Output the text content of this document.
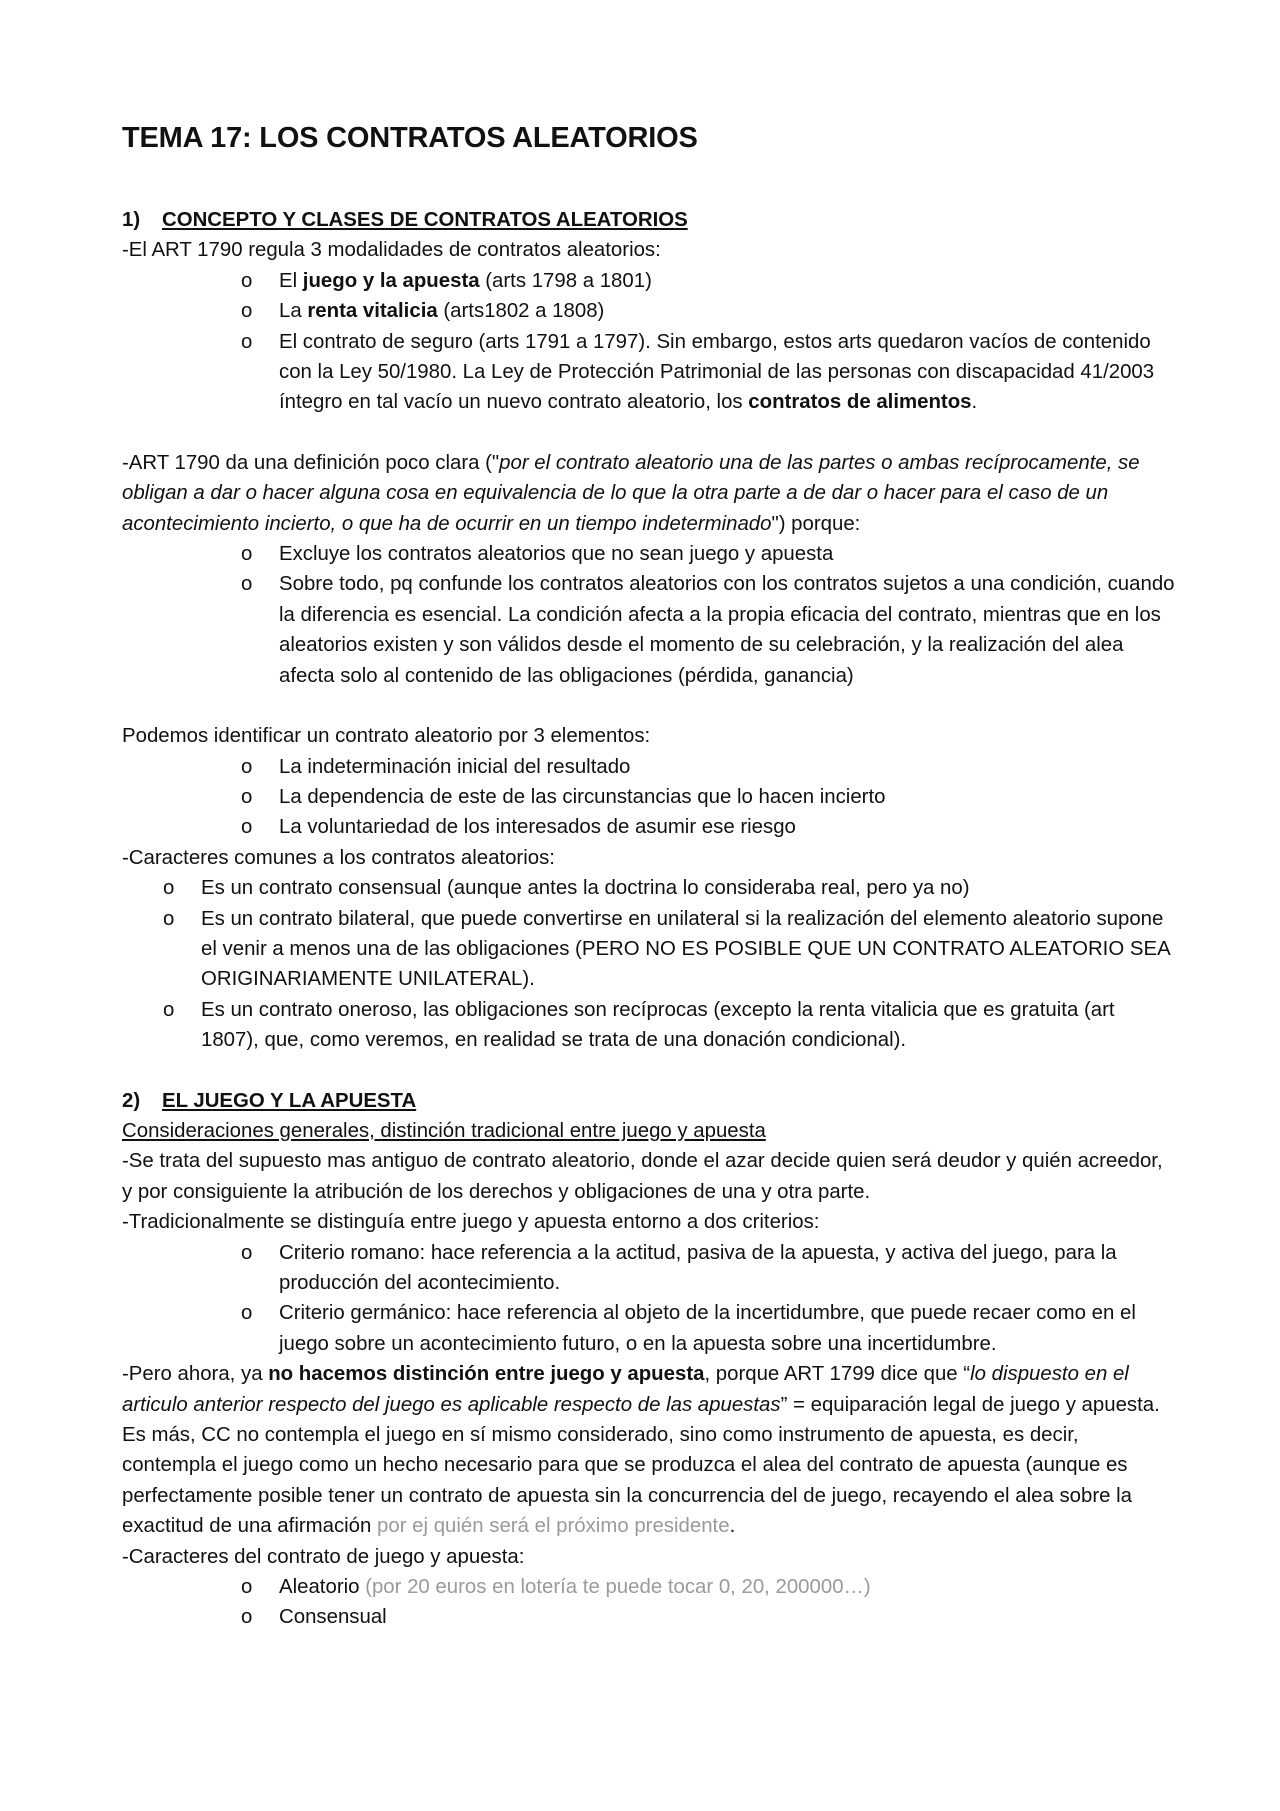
TEMA 17: LOS CONTRATOS ALEATORIOS

1) CONCEPTO Y CLASES DE CONTRATOS ALEATORIOS

-El ART 1790 regula 3 modalidades de contratos aleatorios:

o El juego y la apuesta (arts 1798 a 1801)
o La renta vitalicia (arts1802 a 1808)
o El contrato de seguro (arts 1791 a 1797). Sin embargo, estos arts quedaron vacíos de contenido con la Ley 50/1980. La Ley de Protección Patrimonial de las personas con discapacidad 41/2003 íntegro en tal vacío un nuevo contrato aleatorio, los contratos de alimentos.

-ART 1790 da una definición poco clara ("por el contrato aleatorio una de las partes o ambas recíprocamente, se obligan a dar o hacer alguna cosa en equivalencia de lo que la otra parte a de dar o hacer para el caso de un acontecimiento incierto, o que ha de ocurrir en un tiempo indeterminado") porque:

o Excluye los contratos aleatorios que no sean juego y apuesta
o Sobre todo, pq confunde los contratos aleatorios con los contratos sujetos a una condición, cuando la diferencia es esencial. La condición afecta a la propia eficacia del contrato, mientras que en los aleatorios existen y son válidos desde el momento de su celebración, y la realización del alea afecta solo al contenido de las obligaciones (pérdida, ganancia)

Podemos identificar un contrato aleatorio por 3 elementos:

o La indeterminación inicial del resultado
o La dependencia de este de las circunstancias que lo hacen incierto
o La voluntariedad de los interesados de asumir ese riesgo

-Caracteres comunes a los contratos aleatorios:

o Es un contrato consensual (aunque antes la doctrina lo consideraba real, pero ya no)
o Es un contrato bilateral, que puede convertirse en unilateral si la realización del elemento aleatorio supone el venir a menos una de las obligaciones (PERO NO ES POSIBLE QUE UN CONTRATO ALEATORIO SEA ORIGINARIAMENTE UNILATERAL).
o Es un contrato oneroso, las obligaciones son recíprocas (excepto la renta vitalicia que es gratuita (art 1807), que, como veremos, en realidad se trata de una donación condicional).

2) EL JUEGO Y LA APUESTA

Consideraciones generales, distinción tradicional entre juego y apuesta

-Se trata del supuesto mas antiguo de contrato aleatorio, donde el azar decide quien será deudor y quién acreedor, y por consiguiente la atribución de los derechos y obligaciones de una y otra parte.

-Tradicionalmente se distinguía entre juego y apuesta entorno a dos criterios:

o Criterio romano: hace referencia a la actitud, pasiva de la apuesta, y activa del juego, para la producción del acontecimiento.
o Criterio germánico: hace referencia al objeto de la incertidumbre, que puede recaer como en el juego sobre un acontecimiento futuro, o en la apuesta sobre una incertidumbre.

-Pero ahora, ya no hacemos distinción entre juego y apuesta, porque ART 1799 dice que “lo dispuesto en el articulo anterior respecto del juego es aplicable respecto de las apuestas” = equiparación legal de juego y apuesta. Es más, CC no contempla el juego en sí mismo considerado, sino como instrumento de apuesta, es decir, contempla el juego como un hecho necesario para que se produzca el alea del contrato de apuesta (aunque es perfectamente posible tener un contrato de apuesta sin la concurrencia del de juego, recayendo el alea sobre la exactitud de una afirmación por ej quién será el próximo presidente.

-Caracteres del contrato de juego y apuesta:

o Aleatorio (por 20 euros en lotería te puede tocar 0, 20, 200000…)
o Consensual
